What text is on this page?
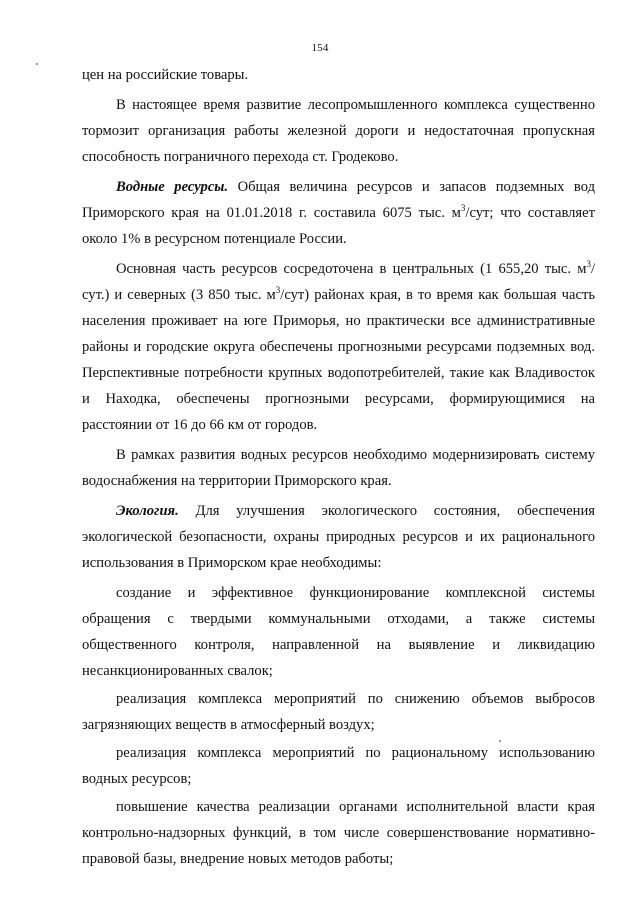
154

цен на российские товары.

В настоящее время развитие лесопромышленного комплекса существенно тормозит организация работы железной дороги и недостаточная пропускная способность пограничного перехода ст. Гродеково.

Водные ресурсы. Общая величина ресурсов и запасов подземных вод Приморского края на 01.01.2018 г. составила 6075 тыс. $м^3$/сут; что составляет около 1% в ресурсном потенциале России.

Основная часть ресурсов сосредоточена в центральных (1 655,20 тыс. $м^3/сут$.) и северных (3 850 тыс. $м^3/сут$) районах края, в то время как большая часть населения проживает на юге Приморья, но практически все административные районы и городские округа обеспечены прогнозными ресурсами подземных вод. Перспективные потребности крупных водопотребителей, такие как Владивосток и Находка, обеспечены прогнозными ресурсами, формирующимися на расстоянии от 16 до 66 км от городов.

В рамках развития водных ресурсов необходимо модернизировать систему водоснабжения на территории Приморского края.

Экология. Для улучшения экологического состояния, обеспечения экологической безопасности, охраны природных ресурсов и их рационального использования в Приморском крае необходимы:

создание и эффективное функционирование комплексной системы обращения с твердыми коммунальными отходами, а также системы общественного контроля, направленной на выявление и ликвидацию несанкционированных свалок;

реализация комплекса мероприятий по снижению объемов выбросов загрязняющих веществ в атмосферный воздух;

реализация комплекса мероприятий по рациональному использованию водных ресурсов;

повышение качества реализации органами исполнительной власти края контрольно-надзорных функций, в том числе совершенствование нормативно-правовой базы, внедрение новых методов работы;
